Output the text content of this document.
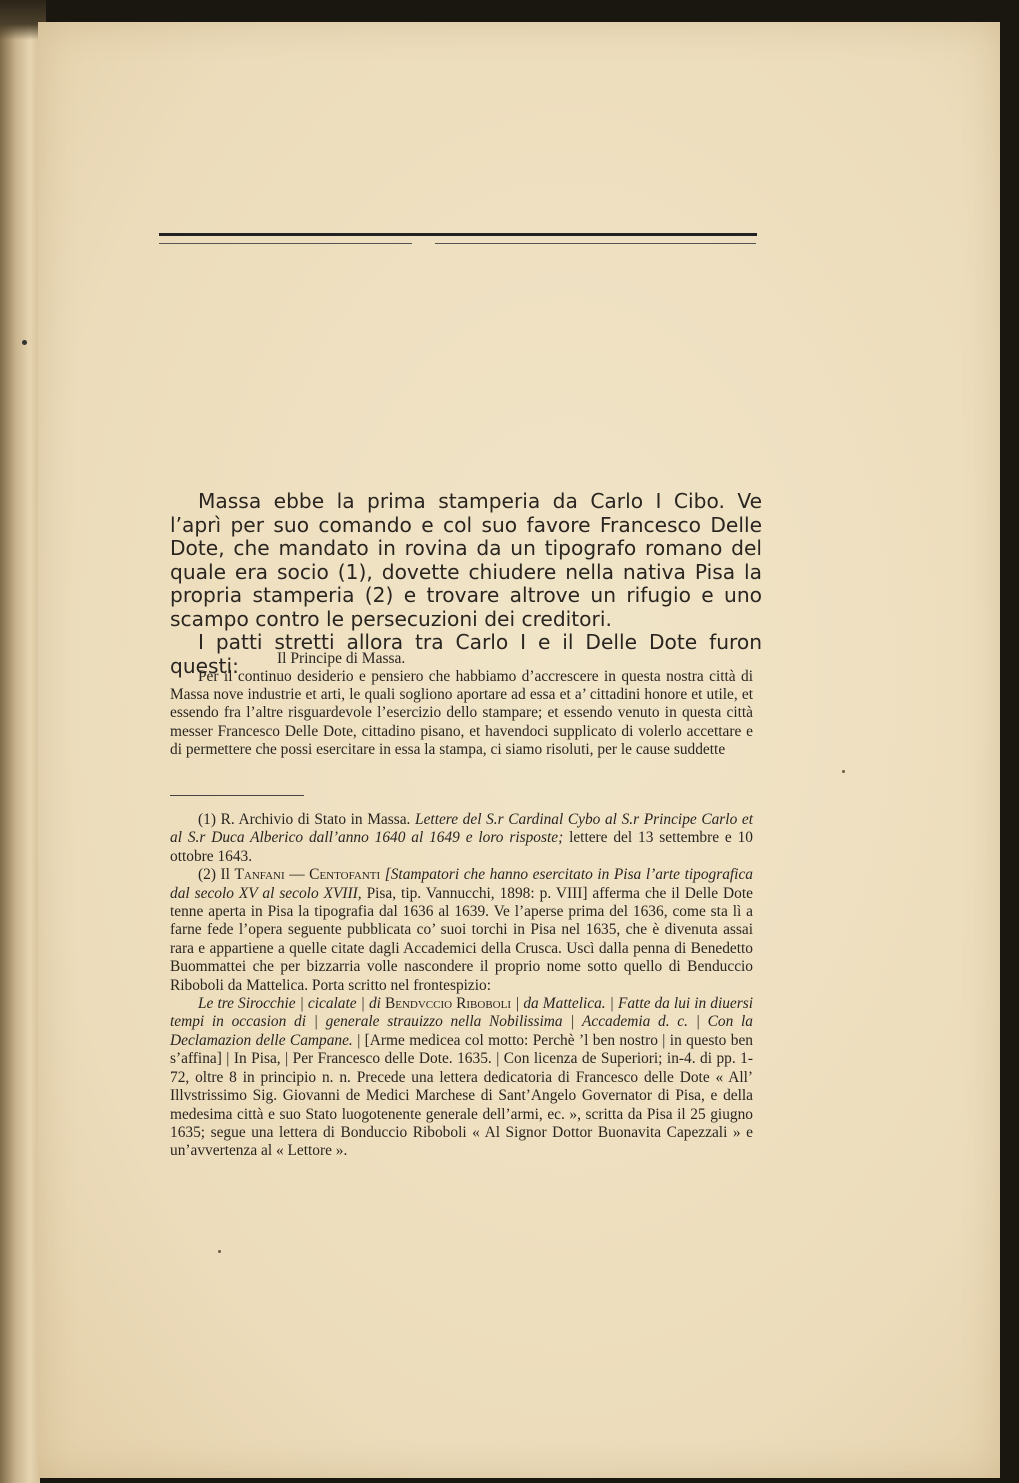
Massa ebbe la prima stamperia da Carlo I Cibo. Ve l’aprì per suo comando e col suo favore Francesco Delle Dote, che mandato in rovina da un tipografo romano del quale era socio (1), dovette chiudere nella nativa Pisa la propria stamperia (2) e trovare altrove un rifugio e uno scampo contro le persecuzioni dei creditori.

I patti stretti allora tra Carlo I e il Delle Dote furon questi:	Il Principe di Massa.

Per il continuo desiderio e pensiero che habbiamo d’accrescere in questa nostra città di Massa nove industrie et arti, le quali sogliono aportare ad essa et a’ cittadini honore et utile, et essendo fra l’altre risguardevole l’esercizio dello stampare; et essendo venuto in questa città messer Francesco Delle Dote, cittadino pisano, et havendoci supplicato di volerlo accettare e di permettere che possi esercitare in essa la stampa, ci siamo risoluti, per le cause suddette

(1) R. Archivio di Stato in Massa. Lettere del S.r Cardinal Cybo al S.r Principe Carlo et al S.r Duca Alberico dall’anno 1640 al 1649 e loro risposte; lettere del 13 settembre e 10 ottobre 1643.

(2) Il Tanfani — Centofanti [Stampatori che hanno esercitato in Pisa l’arte tipografica dal secolo XV al secolo XVIII, Pisa, tip. Vannucchi, 1898: p. VIII] afferma che il Delle Dote tenne aperta in Pisa la tipografia dal 1636 al 1639. Ve l’aperse prima del 1636, come sta lì a farne fede l’opera seguente pubblicata co’ suoi torchi in Pisa nel 1635, che è divenuta assai rara e appartiene a quelle citate dagli Accademici della Crusca. Uscì dalla penna di Benedetto Buommattei che per bizzarria volle nascondere il proprio nome sotto quello di Benduccio Riboboli da Mattelica. Porta scritto nel frontespizio:

Le tre Sirocchie | cicalate | di Bendvccio Riboboli | da Mattelica. | Fatte da lui in diuersi tempi in occasion di | generale strauizzo nella Nobilissima | Accademia d. c. | Con la Declamazion delle Campane. | [Arme medicea col motto: Perchè ’l ben nostro | in questo ben s’affina] | In Pisa, | Per Francesco delle Dote. 1635. | Con licenza de Superiori; in-4. di pp. 1-72, oltre 8 in principio n. n. Precede una lettera dedicatoria di Francesco delle Dote « All’ Illvstrissimo Sig. Giovanni de Medici Marchese di Sant’Angelo Governator di Pisa, e della medesima città e suo Stato luogotenente generale dell’armi, ec. », scritta da Pisa il 25 giugno 1635; segue una lettera di Bonduccio Riboboli « Al Signor Dottor Buonavita Capezzali » e un’avvertenza al « Lettore ».
